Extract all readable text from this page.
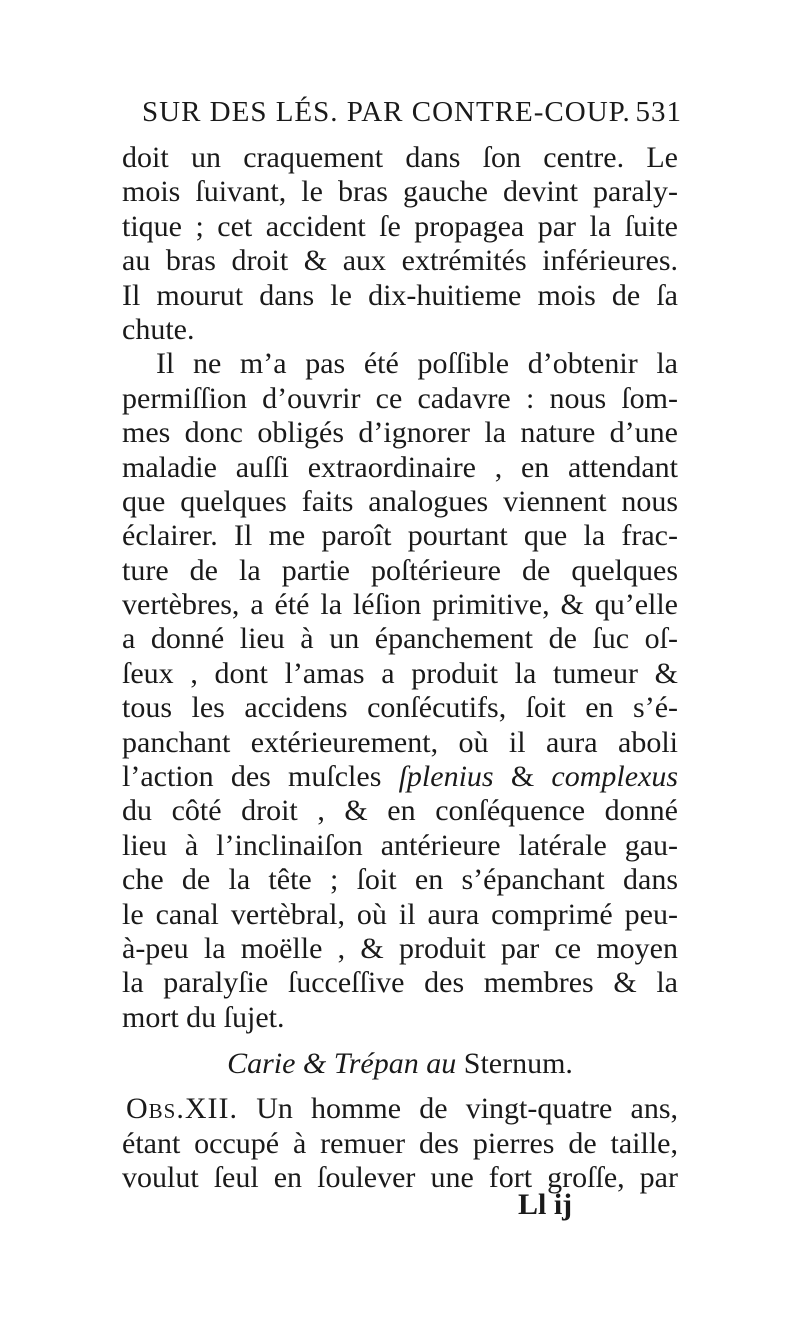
SUR DES LÉS. PAR CONTRE-COUP. 531
doit un craquement dans ſon centre. Le
mois ſuivant, le bras gauche devint paraly-
tique ; cet accident ſe propagea par la ſuite
au bras droit & aux extrémités inférieures.
Il mourut dans le dix-huitieme mois de ſa
chute.
Il ne m’a pas été poſſible d’obtenir la
permiſſion d’ouvrir ce cadavre : nous ſom-
mes donc obligés d’ignorer la nature d’une
maladie auſſi extraordinaire , en attendant
que quelques faits analogues viennent nous
éclairer. Il me paroît pourtant que la frac-
ture de la partie poſtérieure de quelques
vertèbres, a été la léſion primitive, & qu’elle
a donné lieu à un épanchement de ſuc oſ-
ſeux , dont l’amas a produit la tumeur &
tous les accidens conſécutifs, ſoit en s’é-
panchant extérieurement, où il aura aboli
l’action des muſcles ſplenius & complexus
du côté droit , & en conſéquence donné
lieu à l’inclinaiſon antérieure latérale gau-
che de la tête ; ſoit en s’épanchant dans
le canal vertèbral, où il aura comprimé peu-
à-peu la moëlle , & produit par ce moyen
la paralyſie ſucceſſive des membres & la
mort du ſujet.
Carie & Trépan au Sternum.
Obs.XII. Un homme de vingt-quatre ans,
étant occupé à remuer des pierres de taille,
voulut ſeul en ſoulever une fort groſſe, par
Ll ij
